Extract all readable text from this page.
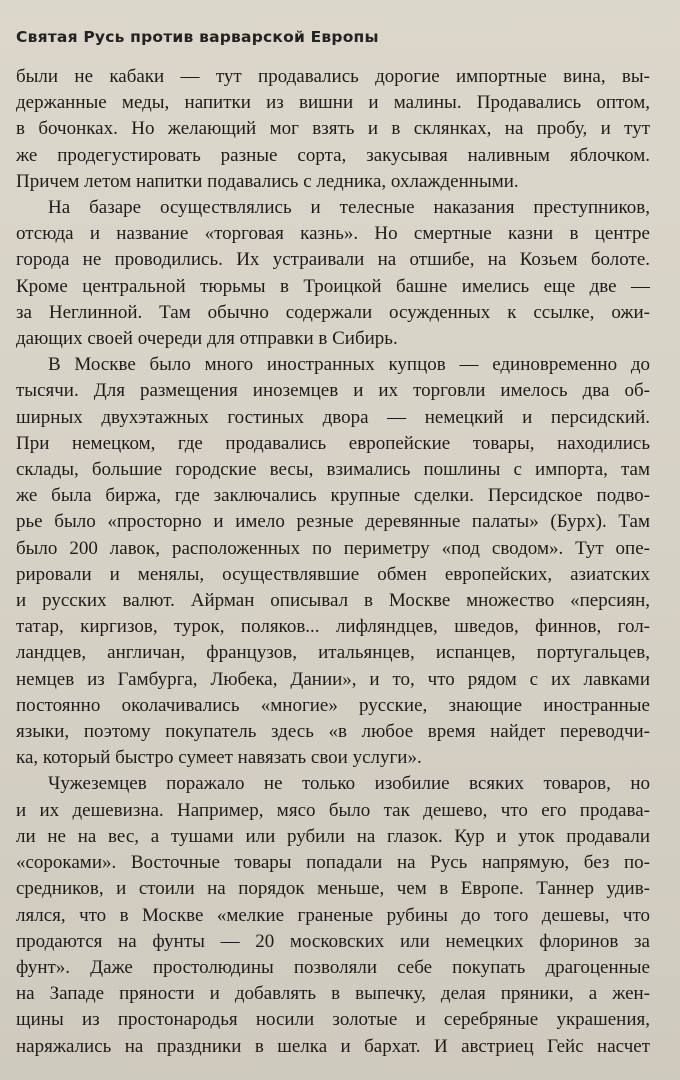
Святая Русь против варварской Европы
были не кабаки — тут продавались дорогие импортные вина, вы-
держанные меды, напитки из вишни и малины. Продавались оптом,
в бочонках. Но желающий мог взять и в склянках, на пробу, и тут
же продегустировать разные сорта, закусывая наливным яблочком.
Причем летом напитки подавались с ледника, охлажденными.
На базаре осуществлялись и телесные наказания преступников,
отсюда и название «торговая казнь». Но смертные казни в центре
города не проводились. Их устраивали на отшибе, на Козьем болоте.
Кроме центральной тюрьмы в Троицкой башне имелись еще две —
за Неглинной. Там обычно содержали осужденных к ссылке, ожи-
дающих своей очереди для отправки в Сибирь.
В Москве было много иностранных купцов — единовременно до
тысячи. Для размещения иноземцев и их торговли имелось два об-
ширных двухэтажных гостиных двора — немецкий и персидский.
При немецком, где продавались европейские товары, находились
склады, большие городские весы, взимались пошлины с импорта, там
же была биржа, где заключались крупные сделки. Персидское подво-
рье было «просторно и имело резные деревянные палаты» (Бурх). Там
было 200 лавок, расположенных по периметру «под сводом». Тут опе-
рировали и менялы, осуществлявшие обмен европейских, азиатских
и русских валют. Айрман описывал в Москве множество «персиян,
татар, киргизов, турок, поляков... лифляндцев, шведов, финнов, гол-
ландцев, англичан, французов, итальянцев, испанцев, португальцев,
немцев из Гамбурга, Любека, Дании», и то, что рядом с их лавками
постоянно околачивались «многие» русские, знающие иностранные
языки, поэтому покупатель здесь «в любое время найдет переводчи-
ка, который быстро сумеет навязать свои услуги».
Чужеземцев поражало не только изобилие всяких товаров, но
и их дешевизна. Например, мясо было так дешево, что его продава-
ли не на вес, а тушами или рубили на глазок. Кур и уток продавали
«сороками». Восточные товары попадали на Русь напрямую, без по-
средников, и стоили на порядок меньше, чем в Европе. Таннер удив-
лялся, что в Москве «мелкие граненые рубины до того дешевы, что
продаются на фунты — 20 московских или немецких флоринов за
фунт». Даже простолюдины позволяли себе покупать драгоценные
на Западе пряности и добавлять в выпечку, делая пряники, а жен-
щины из простонародья носили золотые и серебряные украшения,
наряжались на праздники в шелка и бархат. И австриец Гейс насчет
